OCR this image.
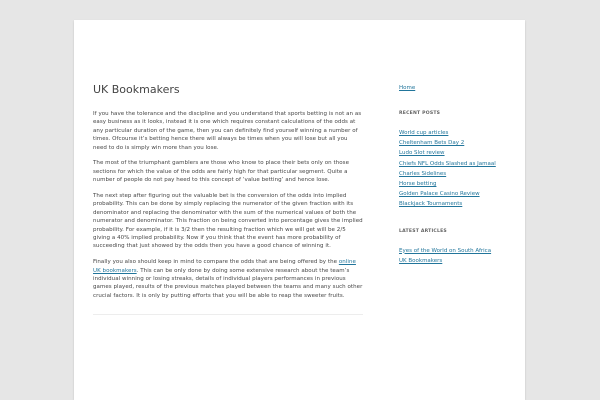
UK Bookmakers

If you have the tolerance and the discipline and you understand that sports betting is not an as easy business as it looks, instead it is one which requires constant calculations of the odds at any particular duration of the game, then you can definitely find yourself winning a number of times. Ofcourse it’s betting hence there will always be times when you will lose but all you need to do is simply win more than you lose.

The most of the triumphant gamblers are those who know to place their bets only on those sections for which the value of the odds are fairly high for that particular segment. Quite a number of people do not pay heed to this concept of ‘value betting’ and hence lose.

The next step after figuring out the valuable bet is the conversion of the odds into implied probability. This can be done by simply replacing the numerator of the given fraction with its denominator and replacing the denominator with the sum of the numerical values of both the numerator and denominator. This fraction on being converted into percentage gives the implied probability. For example, if it is 3/2 then the resulting fraction which we will get will be 2/5 giving a 40% implied probability. Now if you think that the event has more probability of succeeding that just showed by the odds then you have a good chance of winning it.

Finally you also should keep in mind to compare the odds that are being offered by the online UK bookmakers. This can be only done by doing some extensive research about the team’s individual winning or losing streaks, details of individual players performances in previous games played, results of the previous matches played between the teams and many such other crucial factors. It is only by putting efforts that you will be able to reap the sweeter fruits.

Home
RECENT POSTS
World cup articles
Cheltenham Bets Day 2
Ludo Slot review
Chiefs NFL Odds Slashed as Jamaal Charles Sidelines
Horse betting
Golden Palace Casino Review
Blackjack Tournaments
LATEST ARTICLES
Eyes of the World on South Africa
UK Bookmakers
